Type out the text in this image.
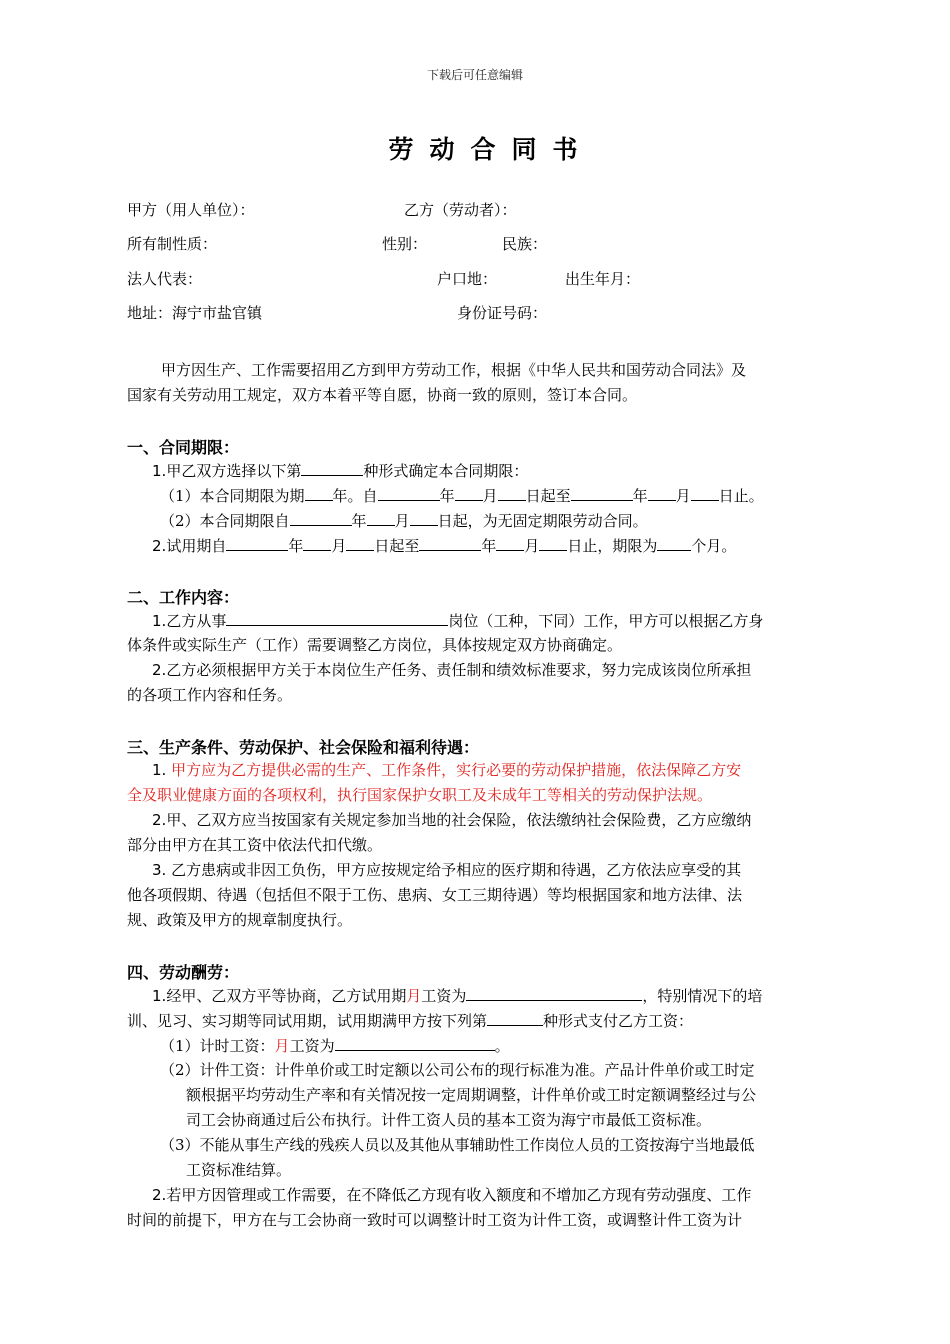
下载后可任意编辑
劳动合同书
甲方（用人单位）：	乙方（劳动者）：
所有制性质：	性别：	民族：
法人代表：	户口地：	出生年月：
地址：海宁市盐官镇	身份证号码：
甲方因生产、工作需要招用乙方到甲方劳动工作，根据《中华人民共和国劳动合同法》及
国家有关劳动用工规定，双方本着平等自愿，协商一致的原则，签订本合同。
一、合同期限：
1.甲乙双方选择以下第	种形式确定本合同期限：
（1）本合同期限为期 年。自	年 月 日起至	年 月 日止。
（2）本合同期限自	年 月 日起，为无固定期限劳动合同。
2.试用期自	年 月 日起至	年 月 日止，期限为 个月。
二、工作内容：
1.乙方从事	岗位（工种，下同）工作，甲方可以根据乙方身
体条件或实际生产（工作）需要调整乙方岗位，具体按规定双方协商确定。
2.乙方必须根据甲方关于本岗位生产任务、责任制和绩效标准要求，努力完成该岗位所承担
的各项工作内容和任务。
三、生产条件、劳动保护、社会保险和福利待遇：
1. 甲方应为乙方提供必需的生产、工作条件，实行必要的劳动保护措施，依法保障乙方安
全及职业健康方面的各项权利，执行国家保护女职工及未成年工等相关的劳动保护法规。
2.甲、乙双方应当按国家有关规定参加当地的社会保险，依法缴纳社会保险费，乙方应缴纳
部分由甲方在其工资中依法代扣代缴。
3. 乙方患病或非因工负伤，甲方应按规定给予相应的医疗期和待遇，乙方依法应享受的其
他各项假期、待遇（包括但不限于工伤、患病、女工三期待遇）等均根据国家和地方法律、法
规、政策及甲方的规章制度执行。
四、劳动酬劳：
1.经甲、乙双方平等协商，乙方试用期月工资为	，特别情况下的培
训、见习、实习期等同试用期，试用期满甲方按下列第	种形式支付乙方工资：
（1）计时工资：月工资为	。
（2）计件工资：计件单价或工时定额以公司公布的现行标准为准。产品计件单价或工时定
额根据平均劳动生产率和有关情况按一定周期调整，计件单价或工时定额调整经过与公
司工会协商通过后公布执行。计件工资人员的基本工资为海宁市最低工资标准。
（3）不能从事生产线的残疾人员以及其他从事辅助性工作岗位人员的工资按海宁当地最低
工资标准结算。
2.若甲方因管理或工作需要，在不降低乙方现有收入额度和不增加乙方现有劳动强度、工作
时间的前提下，甲方在与工会协商一致时可以调整计时工资为计件工资，或调整计件工资为计
